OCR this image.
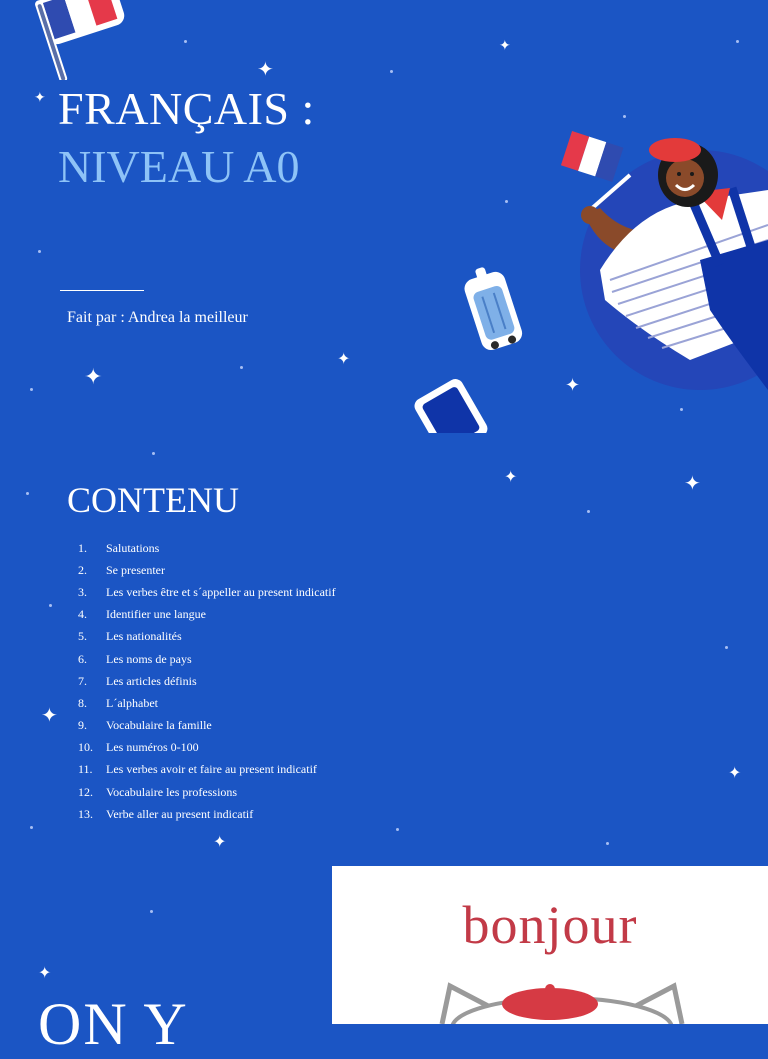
FRANÇAIS :
NIVEAU A0
Fait par : Andrea la meilleur
✦
✦
✦
✦
✦	✦
CONTENU
1.	Salutations
2.	Se presenter
3.	Les verbes être et s´appeller au present indicatif
4.	Identifier une langue
5.	Les nationalités
6.	Les noms de pays
7.	Les articles définis
8.	L´alphabet
9.	Vocabulaire la famille
10.	Les numéros 0-100
11.	Les verbes avoir et faire au present indicatif
12.	Vocabulaire les professions
13.	Verbe aller au present indicatif
✦	✦
✦
✦
✦
✦
ON Y
bonjour
